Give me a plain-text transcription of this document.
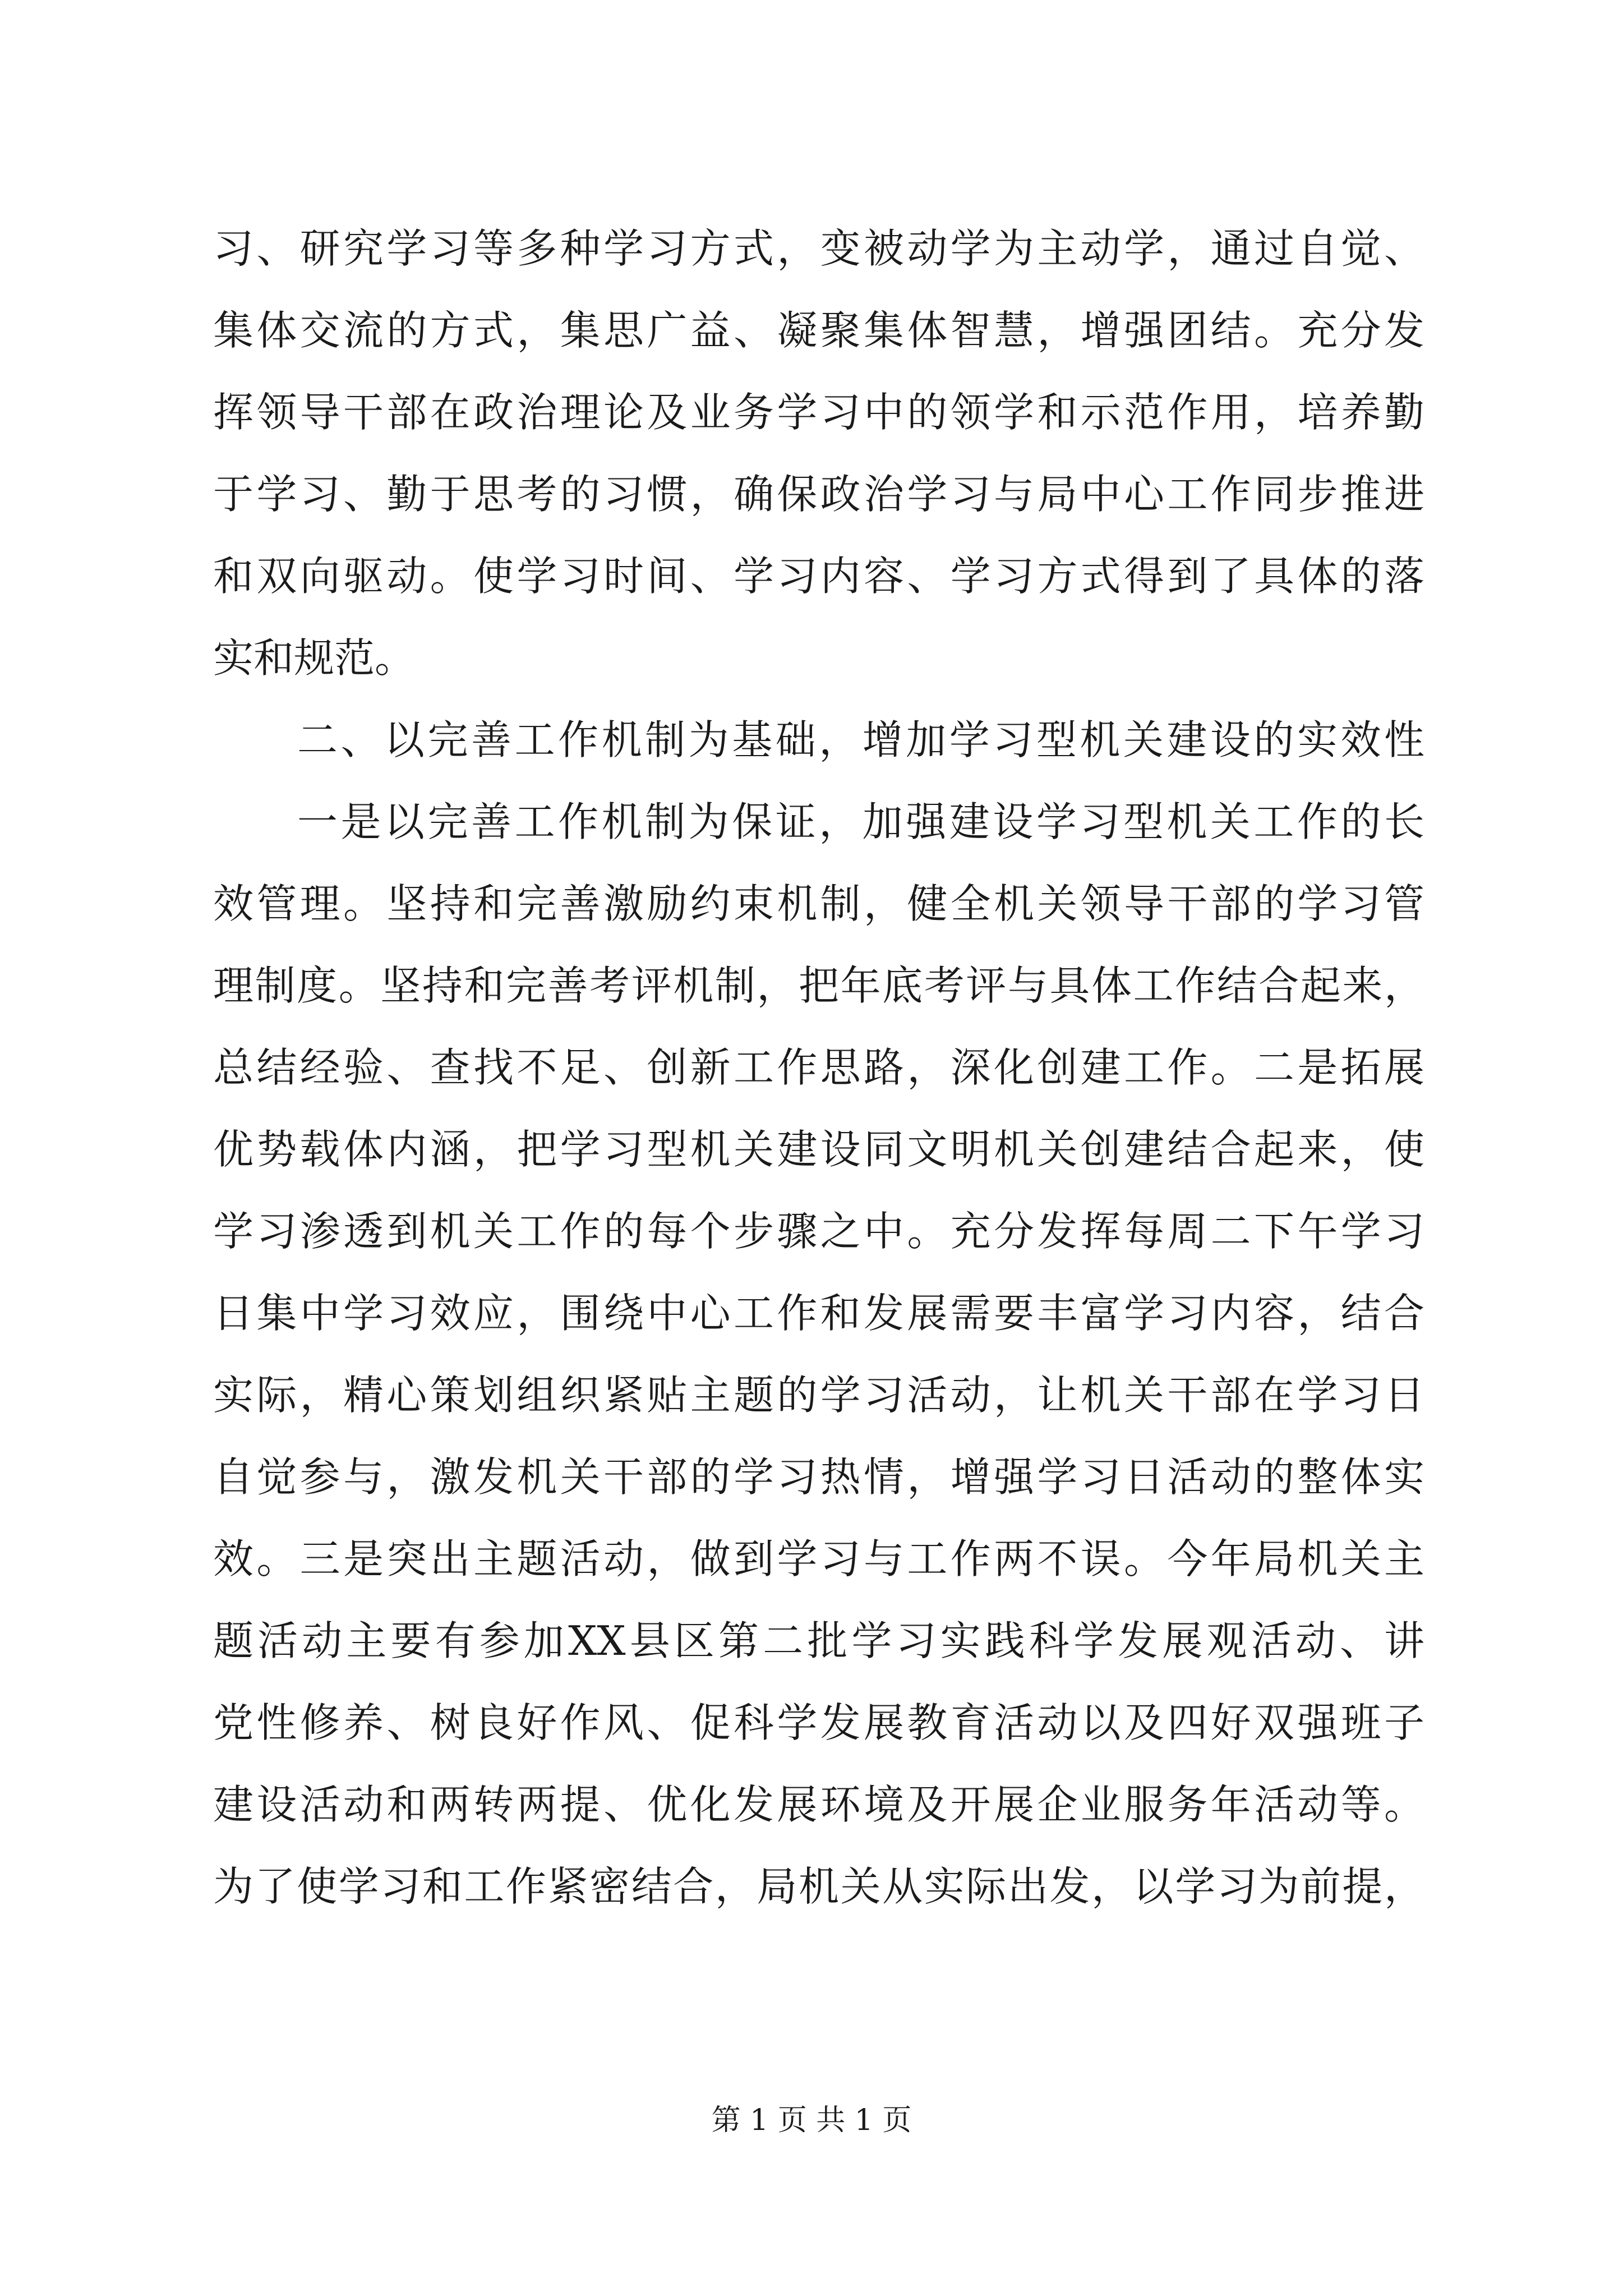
习、研究学习等多种学习方式，变被动学为主动学，通过自觉、
集体交流的方式，集思广益、凝聚集体智慧，增强团结。充分发
挥领导干部在政治理论及业务学习中的领学和示范作用，培养勤
于学习、勤于思考的习惯，确保政治学习与局中心工作同步推进
和双向驱动。使学习时间、学习内容、学习方式得到了具体的落
实和规范。
二、以完善工作机制为基础，增加学习型机关建设的实效性
一是以完善工作机制为保证，加强建设学习型机关工作的长
效管理。坚持和完善激励约束机制，健全机关领导干部的学习管
理制度。坚持和完善考评机制，把年底考评与具体工作结合起来，
总结经验、查找不足、创新工作思路，深化创建工作。二是拓展
优势载体内涵，把学习型机关建设同文明机关创建结合起来，使
学习渗透到机关工作的每个步骤之中。充分发挥每周二下午学习
日集中学习效应，围绕中心工作和发展需要丰富学习内容，结合
实际，精心策划组织紧贴主题的学习活动，让机关干部在学习日
自觉参与，激发机关干部的学习热情，增强学习日活动的整体实
效。三是突出主题活动，做到学习与工作两不误。今年局机关主
题活动主要有参加XX县区第二批学习实践科学发展观活动、讲
党性修养、树良好作风、促科学发展教育活动以及四好双强班子
建设活动和两转两提、优化发展环境及开展企业服务年活动等。
为了使学习和工作紧密结合，局机关从实际出发，以学习为前提，
第 1 页 共 1 页
